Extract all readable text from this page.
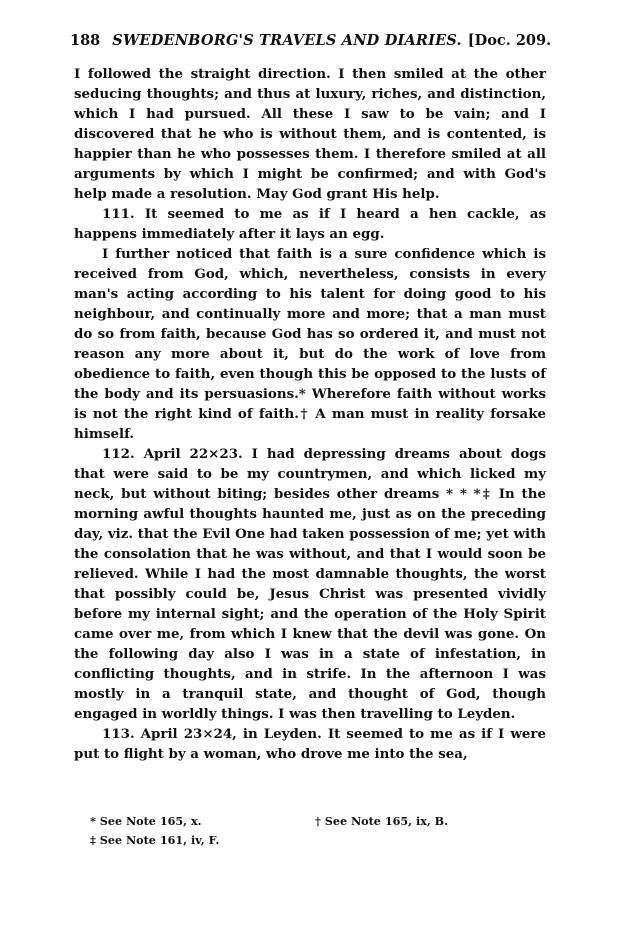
188 SWEDENBORG'S TRAVELS AND DIARIES. [Doc. 209.

I followed the straight direction. I then smiled at the other seducing thoughts; and thus at luxury, riches, and distinction, which I had pursued. All these I saw to be vain; and I discovered that he who is without them, and is contented, is happier than he who possesses them. I therefore smiled at all arguments by which I might be confirmed; and with God's help made a resolution. May God grant His help.

111. It seemed to me as if I heard a hen cackle, as happens immediately after it lays an egg.

I further noticed that faith is a sure confidence which is received from God, which, nevertheless, consists in every man's acting according to his talent for doing good to his neighbour, and continually more and more; that a man must do so from faith, because God has so ordered it, and must not reason any more about it, but do the work of love from obedience to faith, even though this be opposed to the lusts of the body and its persuasions.* Wherefore faith without works is not the right kind of faith.† A man must in reality forsake himself.

112. April 22×23. I had depressing dreams about dogs that were said to be my countrymen, and which licked my neck, but without biting; besides other dreams * * *‡ In the morning awful thoughts haunted me, just as on the preceding day, viz. that the Evil One had taken possession of me; yet with the consolation that he was without, and that I would soon be relieved. While I had the most damnable thoughts, the worst that possibly could be, Jesus Christ was presented vividly before my internal sight; and the operation of the Holy Spirit came over me, from which I knew that the devil was gone. On the following day also I was in a state of infestation, in conflicting thoughts, and in strife. In the afternoon I was mostly in a tranquil state, and thought of God, though engaged in worldly things. I was then travelling to Leyden.

113. April 23×24, in Leyden. It seemed to me as if I were put to flight by a woman, who drove me into the sea,

* See Note 165, x.	† See Note 165, ix, B.
‡ See Note 161, iv, F.
